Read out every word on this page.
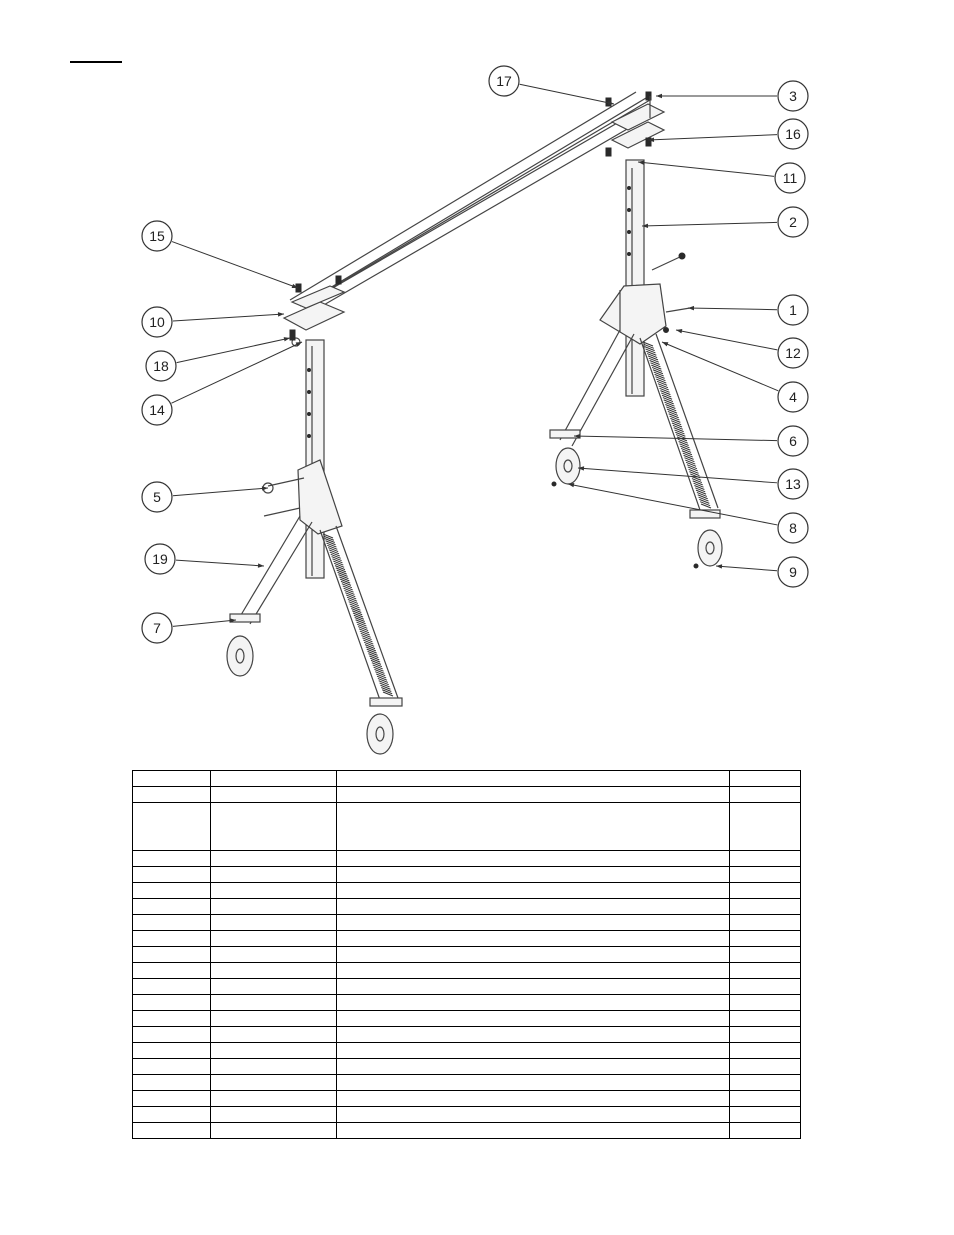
17
3
16
11
2
15
10
18
14
1
12
4
6
13
8
9
5
19
7
